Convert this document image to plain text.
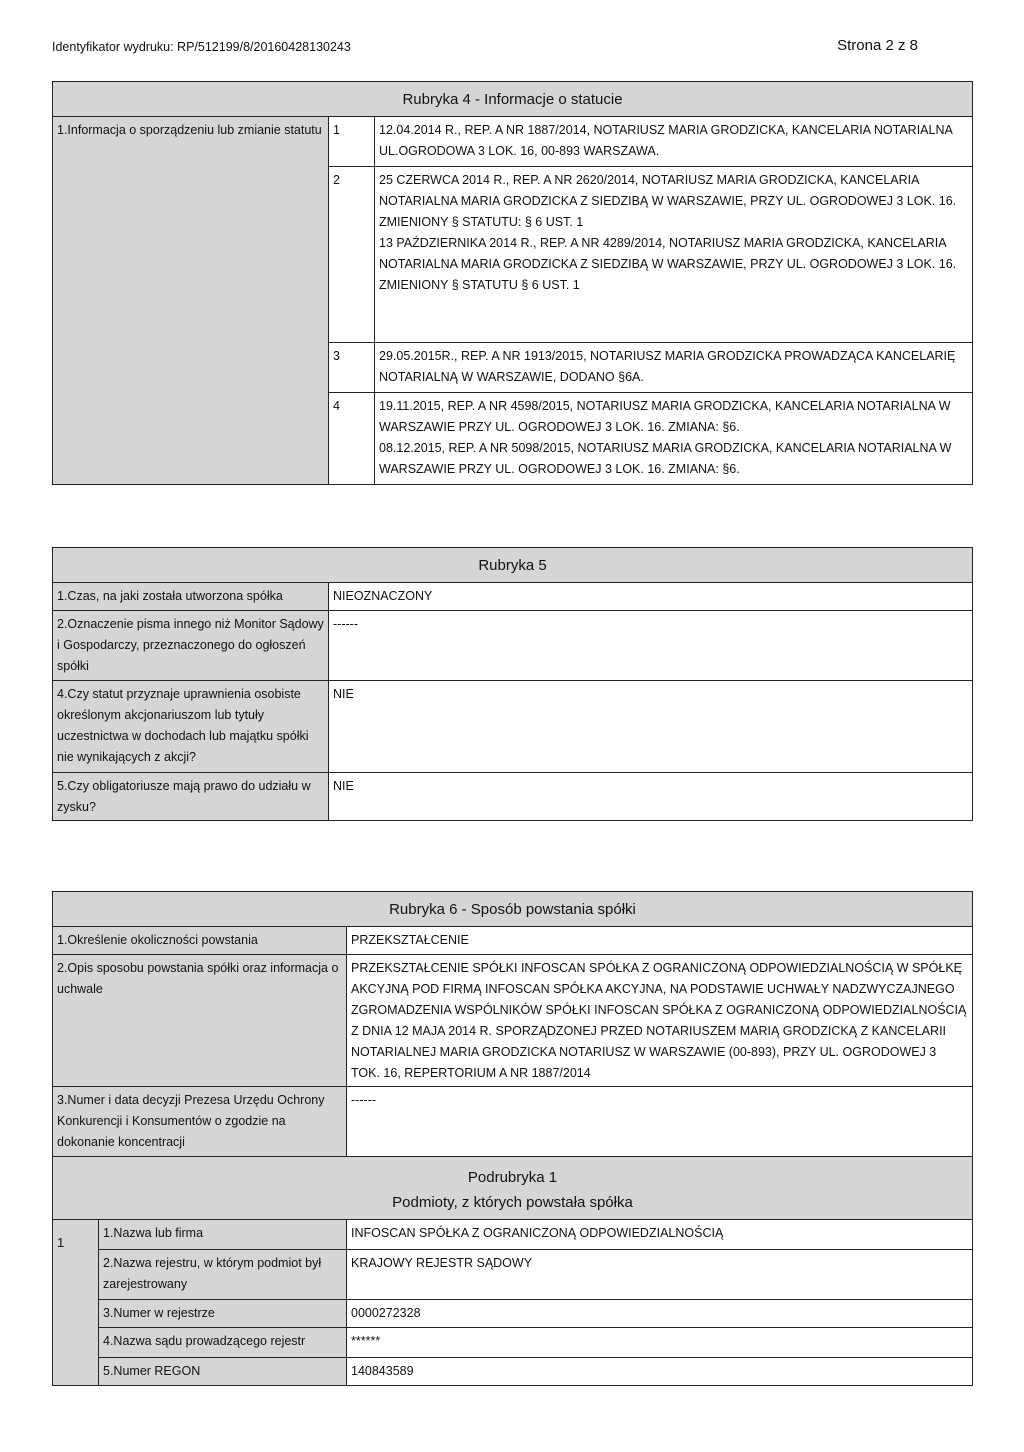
Identyfikator wydruku: RP/512199/8/20160428130243	Strona 2 z 8
Rubryka 4 - Informacje o statucie		
1.Informacja o sporządzeniu lub zmianie statutu	1	12.04.2014 R., REP. A NR 1887/2014, NOTARIUSZ MARIA GRODZICKA, KANCELARIA NOTARIALNA UL.OGRODOWA 3 LOK. 16, 00-893 WARSZAWA.
	2	25 CZERWCA 2014 R., REP. A NR 2620/2014, NOTARIUSZ MARIA GRODZICKA, KANCELARIA NOTARIALNA MARIA GRODZICKA Z SIEDZIBĄ W WARSZAWIE, PRZY UL. OGRODOWEJ 3 LOK. 16.
ZMIENIONY § STATUTU: § 6 UST. 1
13 PAŹDZIERNIKA 2014 R., REP. A NR 4289/2014, NOTARIUSZ MARIA GRODZICKA, KANCELARIA NOTARIALNA MARIA GRODZICKA Z SIEDZIBĄ W WARSZAWIE, PRZY UL. OGRODOWEJ 3 LOK. 16.
ZMIENIONY § STATUTU § 6 UST. 1
	3	29.05.2015R., REP. A NR 1913/2015, NOTARIUSZ MARIA GRODZICKA PROWADZĄCA KANCELARIĘ NOTARIALNĄ W WARSZAWIE, DODANO §6A.
	4	19.11.2015, REP. A NR 4598/2015, NOTARIUSZ MARIA GRODZICKA, KANCELARIA NOTARIALNA W WARSZAWIE PRZY UL. OGRODOWEJ 3 LOK. 16. ZMIANA: §6.
08.12.2015, REP. A NR 5098/2015, NOTARIUSZ MARIA GRODZICKA, KANCELARIA NOTARIALNA W WARSZAWIE PRZY UL. OGRODOWEJ 3 LOK. 16. ZMIANA: §6.
Rubryka 5	
1.Czas, na jaki została utworzona spółka	NIEOZNACZONY
2.Oznaczenie pisma innego niż Monitor Sądowy i Gospodarczy, przeznaczonego do ogłoszeń spółki	------
4.Czy statut przyznaje uprawnienia osobiste określonym akcjonariuszom lub tytuły uczestnictwa w dochodach lub majątku spółki nie wynikających z akcji?	NIE
5.Czy obligatoriusze mają prawo do udziału w zysku?	NIE
Rubryka 6 - Sposób powstania spółki		
1.Określenie okoliczności powstania		PRZEKSZTAŁCENIE
2.Opis sposobu powstania spółki oraz informacja o uchwale		PRZEKSZTAŁCENIE SPÓŁKI INFOSCAN SPÓŁKA Z OGRANICZONĄ ODPOWIEDZIALNOŚCIĄ W SPÓŁKĘ AKCYJNĄ POD FIRMĄ INFOSCAN SPÓŁKA AKCYJNA, NA PODSTAWIE UCHWAŁY NADZWYCZAJNEGO ZGROMADZENIA WSPÓLNIKÓW SPÓŁKI INFOSCAN SPÓŁKA Z OGRANICZONĄ ODPOWIEDZIALNOŚCIĄ Z DNIA 12 MAJA 2014 R. SPORZĄDZONEJ PRZED NOTARIUSZEM MARIĄ GRODZICKĄ Z KANCELARII NOTARIALNEJ MARIA GRODZICKA NOTARIUSZ W WARSZAWIE (00-893), PRZY UL. OGRODOWEJ 3 TOK. 16, REPERTORIUM A NR 1887/2014
3.Numer i data decyzji Prezesa Urzędu Ochrony Konkurencji i Konsumentów o zgodzie na dokonanie koncentracji		------

Podrubryka 1
Podmioty, z których powstała spółka		

1	1.Nazwa lub firma	INFOSCAN SPÓŁKA Z OGRANICZONĄ ODPOWIEDZIALNOŚCIĄ
	2.Nazwa rejestru, w którym podmiot był zarejestrowany	KRAJOWY REJESTR SĄDOWY
	3.Numer w rejestrze	0000272328
	4.Nazwa sądu prowadzącego rejestr	******
	5.Numer REGON	140843589
